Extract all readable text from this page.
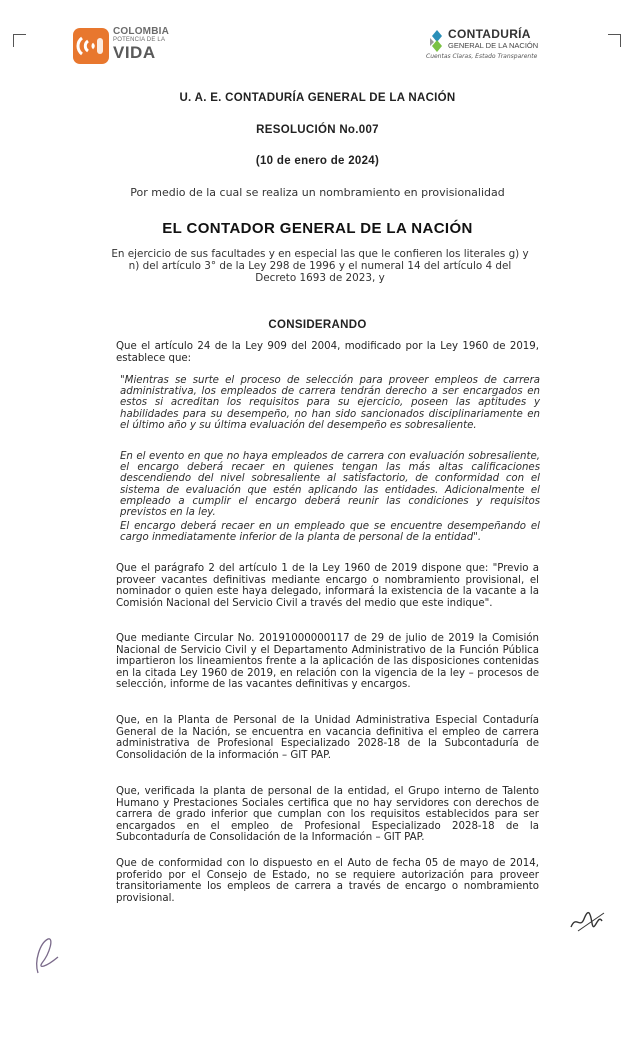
COLOMBIA
POTENCIA DE LA
VIDA
CONTADURÍA
GENERAL DE LA NACIÓN
Cuentas Claras, Estado Transparente
U. A. E. CONTADURÍA GENERAL DE LA NACIÓN
RESOLUCIÓN No.007
(10 de enero de 2024)
Por medio de la cual se realiza un nombramiento en provisionalidad
EL CONTADOR GENERAL DE LA NACIÓN
En ejercicio de sus facultades y en especial las que le confieren los literales g) y n) del artículo 3° de la Ley 298 de 1996 y el numeral 14 del artículo 4 del Decreto 1693 de 2023, y
CONSIDERANDO
Que el artículo 24 de la Ley 909 del 2004, modificado por la Ley 1960 de 2019, establece que:
"Mientras se surte el proceso de selección para proveer empleos de carrera administrativa, los empleados de carrera tendrán derecho a ser encargados en estos si acreditan los requisitos para su ejercicio, poseen las aptitudes y habilidades para su desempeño, no han sido sancionados disciplinariamente en el último año y su última evaluación del desempeño es sobresaliente.
En el evento en que no haya empleados de carrera con evaluación sobresaliente, el encargo deberá recaer en quienes tengan las más altas calificaciones descendiendo del nivel sobresaliente al satisfactorio, de conformidad con el sistema de evaluación que estén aplicando las entidades. Adicionalmente el empleado a cumplir el encargo deberá reunir las condiciones y requisitos previstos en la ley.
El encargo deberá recaer en un empleado que se encuentre desempeñando el cargo inmediatamente inferior de la planta de personal de la entidad".
Que el parágrafo 2 del artículo 1 de la Ley 1960 de 2019 dispone que: "Previo a proveer vacantes definitivas mediante encargo o nombramiento provisional, el nominador o quien este haya delegado, informará la existencia de la vacante a la Comisión Nacional del Servicio Civil a través del medio que este indique".
Que mediante Circular No. 20191000000117 de 29 de julio de 2019 la Comisión Nacional de Servicio Civil y el Departamento Administrativo de la Función Pública impartieron los lineamientos frente a la aplicación de las disposiciones contenidas en la citada Ley 1960 de 2019, en relación con la vigencia de la ley – procesos de selección, informe de las vacantes definitivas y encargos.
Que, en la Planta de Personal de la Unidad Administrativa Especial Contaduría General de la Nación, se encuentra en vacancia definitiva el empleo de carrera administrativa de Profesional Especializado 2028-18 de la Subcontaduría de Consolidación de la información – GIT PAP.
Que, verificada la planta de personal de la entidad, el Grupo interno de Talento Humano y Prestaciones Sociales certifica que no hay servidores con derechos de carrera de grado inferior que cumplan con los requisitos establecidos para ser encargados en el empleo de Profesional Especializado 2028-18 de la Subcontaduría de Consolidación de la Información – GIT PAP.
Que de conformidad con lo dispuesto en el Auto de fecha 05 de mayo de 2014, proferido por el Consejo de Estado, no se requiere autorización para proveer transitoriamente los empleos de carrera a través de encargo o nombramiento provisional.
